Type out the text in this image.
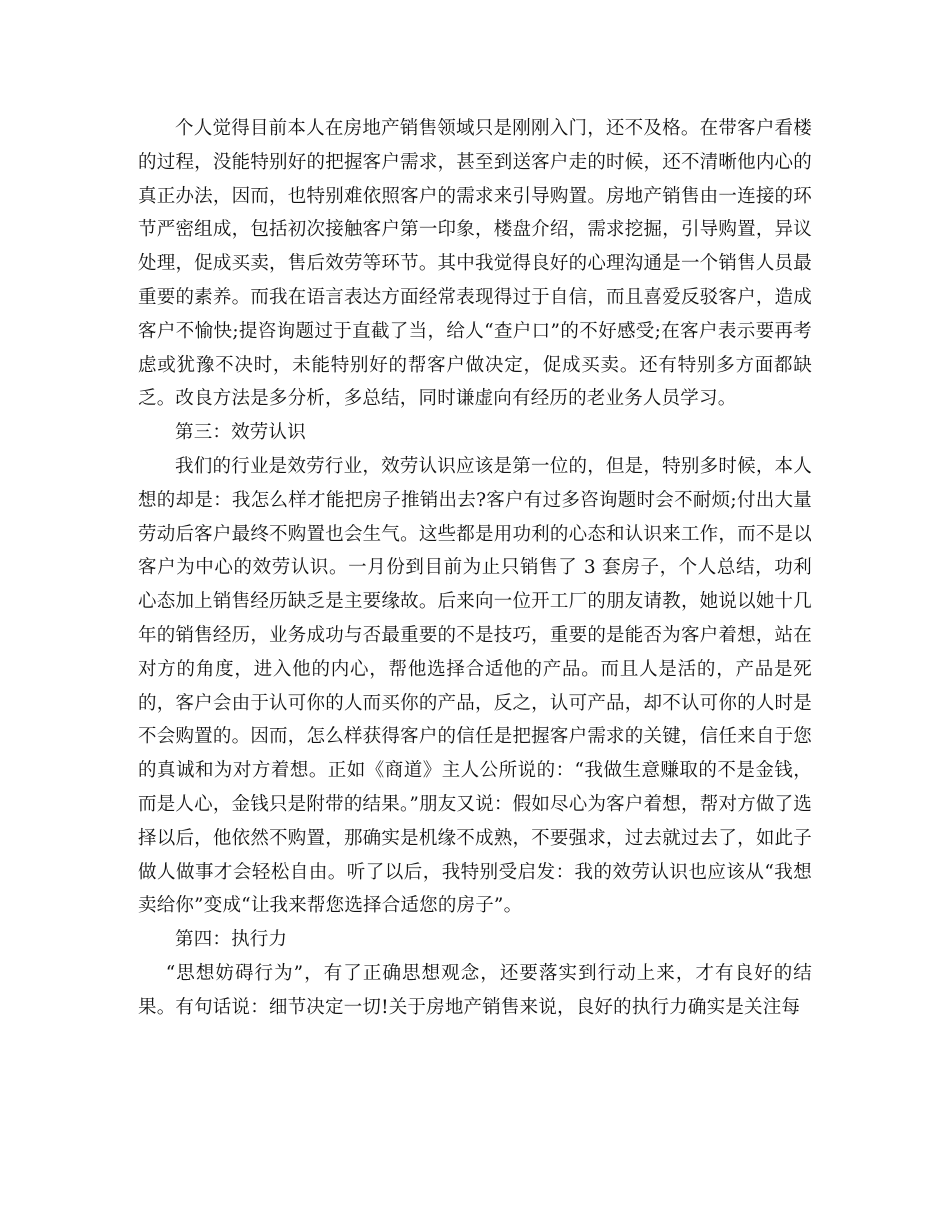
个人觉得目前本人在房地产销售领域只是刚刚入门，还不及格。在带客户看楼的过程，没能特别好的把握客户需求，甚至到送客户走的时候，还不清晰他内心的真正办法，因而，也特别难依照客户的需求来引导购置。房地产销售由一连接的环节严密组成，包括初次接触客户第一印象，楼盘介绍，需求挖掘，引导购置，异议处理，促成买卖，售后效劳等环节。其中我觉得良好的心理沟通是一个销售人员最重要的素养。而我在语言表达方面经常表现得过于自信，而且喜爱反驳客户，造成客户不愉快;提咨询题过于直截了当，给人“查户口”的不好感受;在客户表示要再考虑或犹豫不决时，未能特别好的帮客户做决定，促成买卖。还有特别多方面都缺乏。改良方法是多分析，多总结，同时谦虚向有经历的老业务人员学习。

第三：效劳认识

我们的行业是效劳行业，效劳认识应该是第一位的，但是，特别多时候，本人想的却是：我怎么样才能把房子推销出去?客户有过多咨询题时会不耐烦;付出大量劳动后客户最终不购置也会生气。这些都是用功利的心态和认识来工作，而不是以客户为中心的效劳认识。一月份到目前为止只销售了 3 套房子，个人总结，功利心态加上销售经历缺乏是主要缘故。后来向一位开工厂的朋友请教，她说以她十几年的销售经历，业务成功与否最重要的不是技巧，重要的是能否为客户着想，站在对方的角度，进入他的内心，帮他选择合适他的产品。而且人是活的，产品是死的，客户会由于认可你的人而买你的产品，反之，认可产品，却不认可你的人时是不会购置的。因而，怎么样获得客户的信任是把握客户需求的关键，信任来自于您的真诚和为对方着想。正如《商道》主人公所说的：“我做生意赚取的不是金钱，而是人心，金钱只是附带的结果。”朋友又说：假如尽心为客户着想，帮对方做了选择以后，他依然不购置，那确实是机缘不成熟，不要强求，过去就过去了，如此子做人做事才会轻松自由。听了以后，我特别受启发：我的效劳认识也应该从“我想卖给你”变成“让我来帮您选择合适您的房子”。

第四：执行力

“思想妨碍行为”，有了正确思想观念，还要落实到行动上来，才有良好的结果。有句话说：细节决定一切!关于房地产销售来说，良好的执行力确实是关注每
